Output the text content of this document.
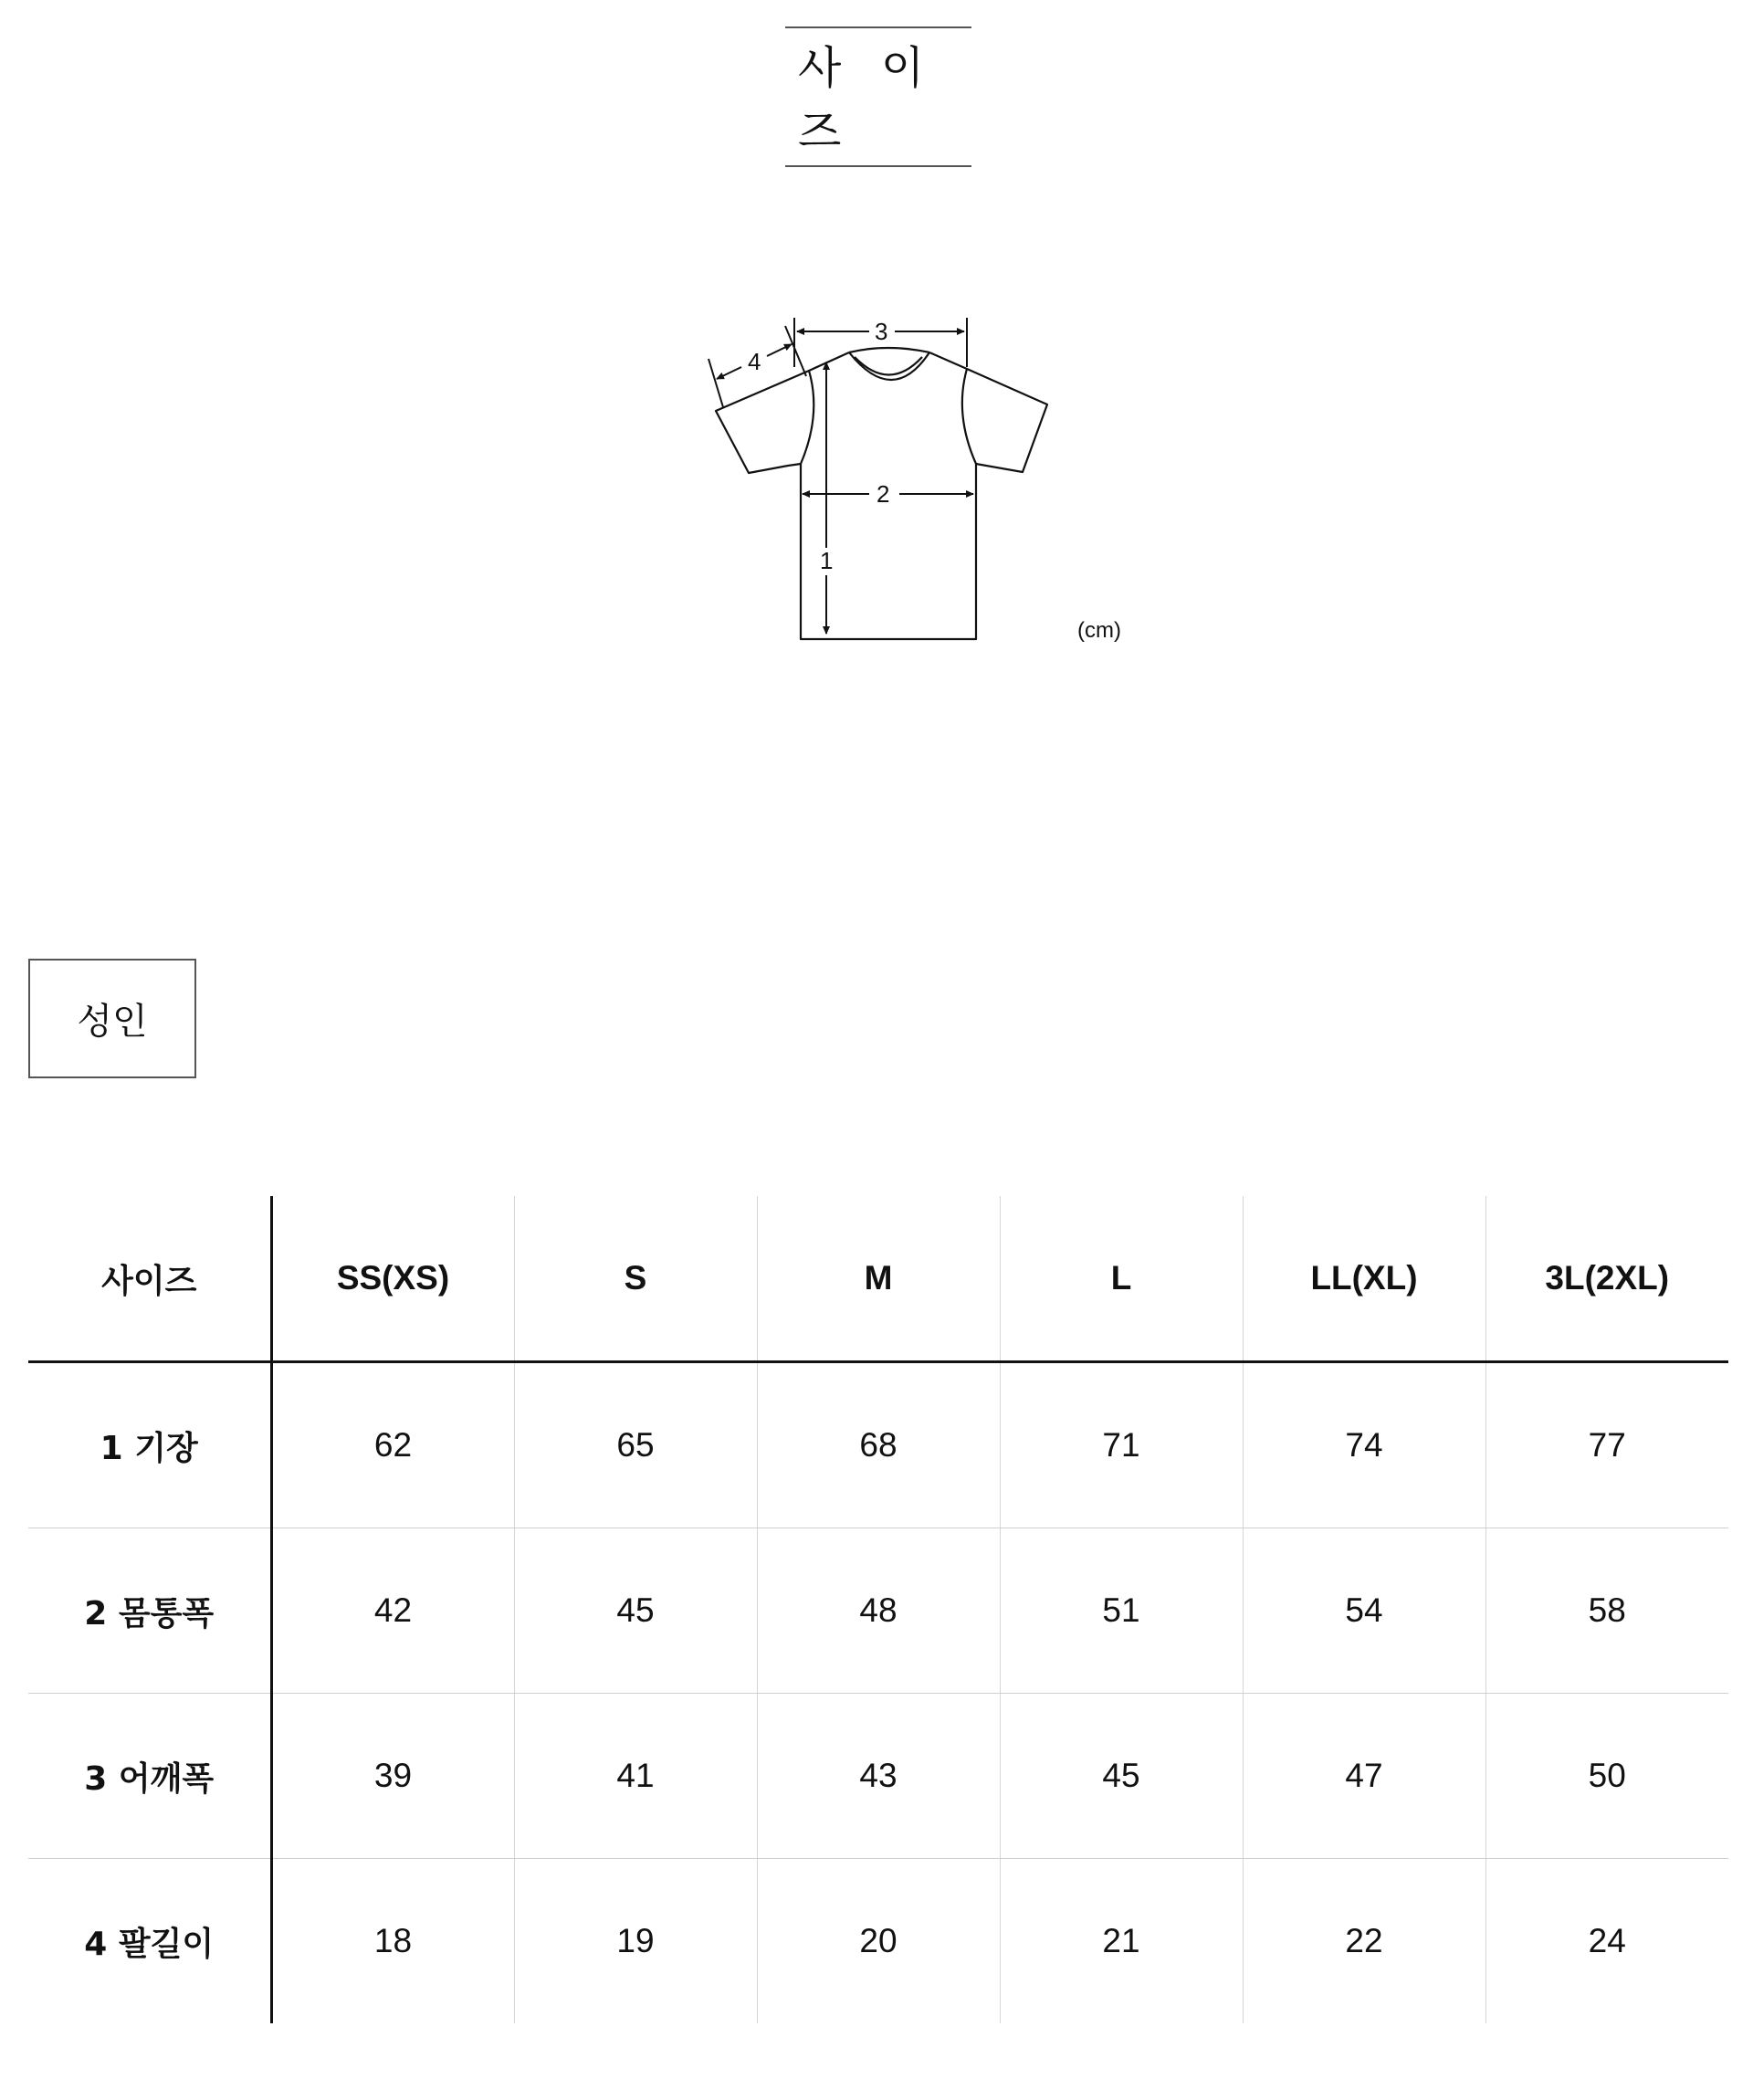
사 이 즈
1
2
3
4
(cm)
성인
사이즈	SS(XS)	S	M	L	LL(XL)	3L(2XL)
1 기장	62	65	68	71	74	77
2 몸통폭	42	45	48	51	54	58
3 어깨폭	39	41	43	45	47	50
4 팔길이	18	19	20	21	22	24
